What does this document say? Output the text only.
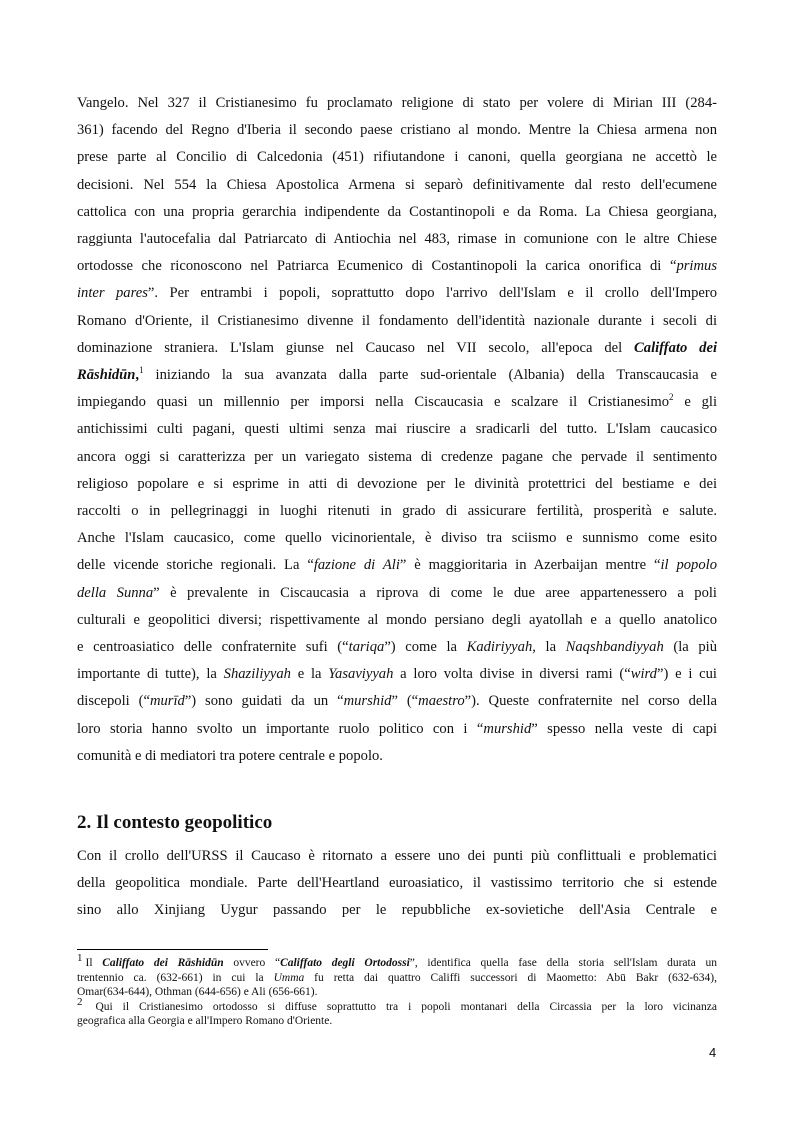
Vangelo. Nel 327 il Cristianesimo fu proclamato religione di stato per volere di Mirian III (284-
361) facendo del Regno d'Iberia il secondo paese cristiano al mondo. Mentre la Chiesa armena non
prese parte al Concilio di Calcedonia (451) rifiutandone i canoni, quella georgiana ne accettò le
decisioni. Nel 554 la Chiesa Apostolica Armena si separò definitivamente dal resto dell'ecumene
cattolica con una propria gerarchia indipendente da Costantinopoli e da Roma. La Chiesa georgiana,
raggiunta l'autocefalia dal Patriarcato di Antiochia nel 483, rimase in comunione con le altre Chiese
ortodosse che riconoscono nel Patriarca Ecumenico di Costantinopoli la carica onorifica di “primus
inter pares”. Per entrambi i popoli, soprattutto dopo l'arrivo dell'Islam e il crollo dell'Impero
Romano d'Oriente, il Cristianesimo divenne il fondamento dell'identità nazionale durante i secoli di
dominazione straniera. L'Islam giunse nel Caucaso nel VII secolo, all'epoca del Califfato dei
Rāshidūn,$^1$ iniziando la sua avanzata dalla parte sud-orientale (Albania) della Transcaucasia e
impiegando quasi un millennio per imporsi nella Ciscaucasia e scalzare il Cristianesimo$^2$ e gli
antichissimi culti pagani, questi ultimi senza mai riuscire a sradicarli del tutto. L'Islam caucasico
ancora oggi si caratterizza per un variegato sistema di credenze pagane che pervade il sentimento
religioso popolare e si esprime in atti di devozione per le divinità protettrici del bestiame e dei
raccolti o in pellegrinaggi in luoghi ritenuti in grado di assicurare fertilità, prosperità e salute.
Anche l'Islam caucasico, come quello vicinorientale, è diviso tra sciismo e sunnismo come esito
delle vicende storiche regionali. La “fazione di Ali” è maggioritaria in Azerbaijan mentre “il popolo
della Sunna” è prevalente in Ciscaucasia a riprova di come le due aree appartenessero a poli
culturali e geopolitici diversi; rispettivamente al mondo persiano degli ayatollah e a quello anatolico
e centroasiatico delle confraternite sufi (“tariqa”) come la Kadiriyyah, la Naqshbandiyyah (la più
importante di tutte), la Shaziliyyah e la Yasaviyyah a loro volta divise in diversi rami (“wird”) e i cui
discepoli (“murīd”) sono guidati da un “murshid” (“maestro”). Queste confraternite nel corso della
loro storia hanno svolto un importante ruolo politico con i “murshid” spesso nella veste di capi
comunità e di mediatori tra potere centrale e popolo.

2. Il contesto geopolitico

Con il crollo dell'URSS il Caucaso è ritornato a essere uno dei punti più conflittuali e problematici
della geopolitica mondiale. Parte dell'Heartland euroasiatico, il vastissimo territorio che si estende
sino allo Xinjiang Uygur passando per le repubbliche ex-sovietiche dell'Asia Centrale e

1 Il Califfato dei Rāshidūn ovvero “Califfato degli Ortodossi”, identifica quella fase della storia sell'Islam durata un
trentennio ca. (632-661) in cui la Umma fu retta dai quattro Califfi successori di Maometto: Abū Bakr (632-634),
Omar(634-644), Othman (644-656) e Ali (656-661).

2 Qui il Cristianesimo ortodosso si diffuse soprattutto tra i popoli montanari della Circassia per la loro vicinanza
geografica alla Georgia e all'Impero Romano d'Oriente.

4
